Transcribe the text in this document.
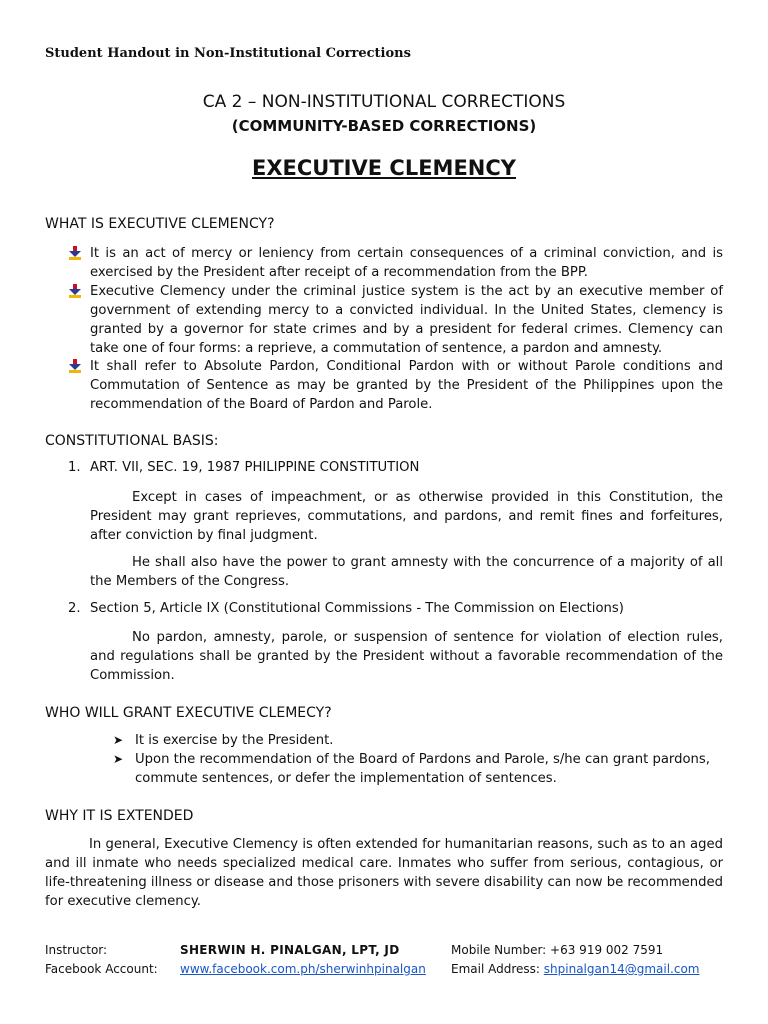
Student Handout in Non-Institutional Corrections
CA 2 – NON-INSTITUTIONAL CORRECTIONS
(COMMUNITY-BASED CORRECTIONS)
EXECUTIVE CLEMENCY
WHAT IS EXECUTIVE CLEMENCY?
It is an act of mercy or leniency from certain consequences of a criminal conviction, and is exercised by the President after receipt of a recommendation from the BPP.
Executive Clemency under the criminal justice system is the act by an executive member of government of extending mercy to a convicted individual. In the United States, clemency is granted by a governor for state crimes and by a president for federal crimes. Clemency can take one of four forms: a reprieve, a commutation of sentence, a pardon and amnesty.
It shall refer to Absolute Pardon, Conditional Pardon with or without Parole conditions and Commutation of Sentence as may be granted by the President of the Philippines upon the recommendation of the Board of Pardon and Parole.
CONSTITUTIONAL BASIS:
1. ART. VII, SEC. 19, 1987 PHILIPPINE CONSTITUTION
Except in cases of impeachment, or as otherwise provided in this Constitution, the President may grant reprieves, commutations, and pardons, and remit fines and forfeitures, after conviction by final judgment.
He shall also have the power to grant amnesty with the concurrence of a majority of all the Members of the Congress.
2. Section 5, Article IX (Constitutional Commissions - The Commission on Elections)
No pardon, amnesty, parole, or suspension of sentence for violation of election rules, and regulations shall be granted by the President without a favorable recommendation of the Commission.
WHO WILL GRANT EXECUTIVE CLEMECY?
➤ It is exercise by the President.
➤ Upon the recommendation of the Board of Pardons and Parole, s/he can grant pardons, commute sentences, or defer the implementation of sentences.
WHY IT IS EXTENDED
In general, Executive Clemency is often extended for humanitarian reasons, such as to an aged and ill inmate who needs specialized medical care. Inmates who suffer from serious, contagious, or life-threatening illness or disease and those prisoners with severe disability can now be recommended for executive clemency.
Instructor:	SHERWIN H. PINALGAN, LPT, JD	Mobile Number: +63 919 002 7591
Facebook Account: www.facebook.com.ph/sherwinhpinalgan Email Address: shpinalgan14@gmail.com
